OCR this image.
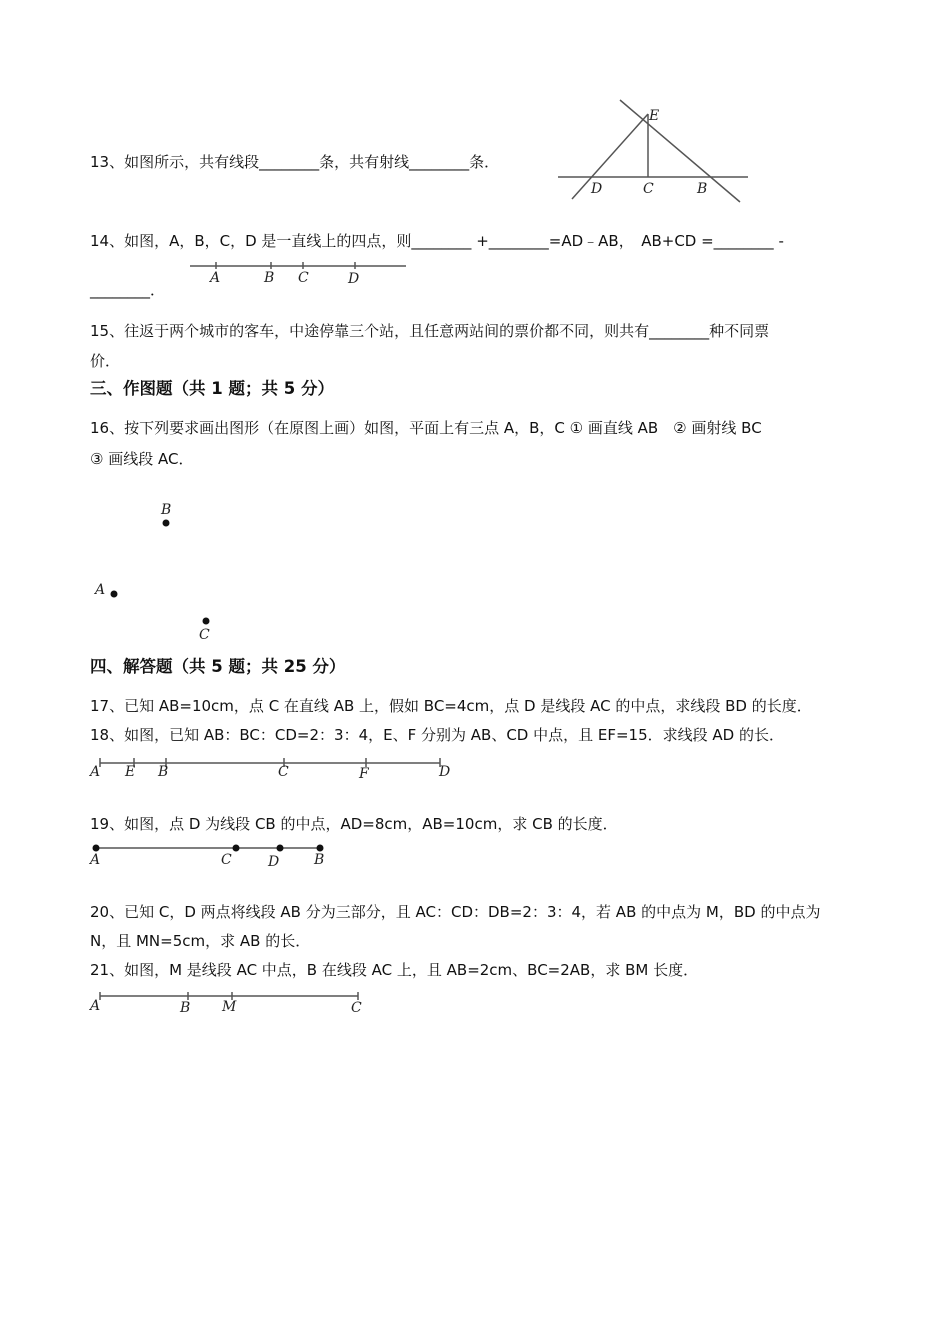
13、如图所示，共有线段________条，共有射线________条．
E
D	C	B
14、如图，A，B，C，D 是一直线上的四点，则________ +________=AD﹣AB，　AB+CD =________ -
A	B C	D
________．
15、往返于两个城市的客车，中途停靠三个站，且任意两站间的票价都不同，则共有________种不同票
价．
三、作图题（共 1 题；共 5 分）
16、按下列要求画出图形（在原图上画）如图，平面上有三点 A，B，C ① 画直线 AB　② 画射线 BC
③ 画线段 AC．
B
A
C
四、解答题（共 5 题；共 25 分）
17、已知 AB=10cm，点 C 在直线 AB 上，假如 BC=4cm，点 D 是线段 AC 的中点，求线段 BD 的长度．
18、如图，已知 AB：BC：CD=2：3：4，E、F 分别为 AB、CD 中点，且 EF=15．求线段 AD 的长．
A E B	C	F	D
19、如图，点 D 为线段 CB 的中点，AD=8cm，AB=10cm，求 CB 的长度．
A	C	D B
20、已知 C，D 两点将线段 AB 分为三部分，且 AC：CD：DB=2：3：4，若 AB 的中点为 M，BD 的中点为
N，且 MN=5cm，求 AB 的长．
21、如图，M 是线段 AC 中点，B 在线段 AC 上，且 AB=2cm、BC=2AB，求 BM 长度．
A	B M	C
